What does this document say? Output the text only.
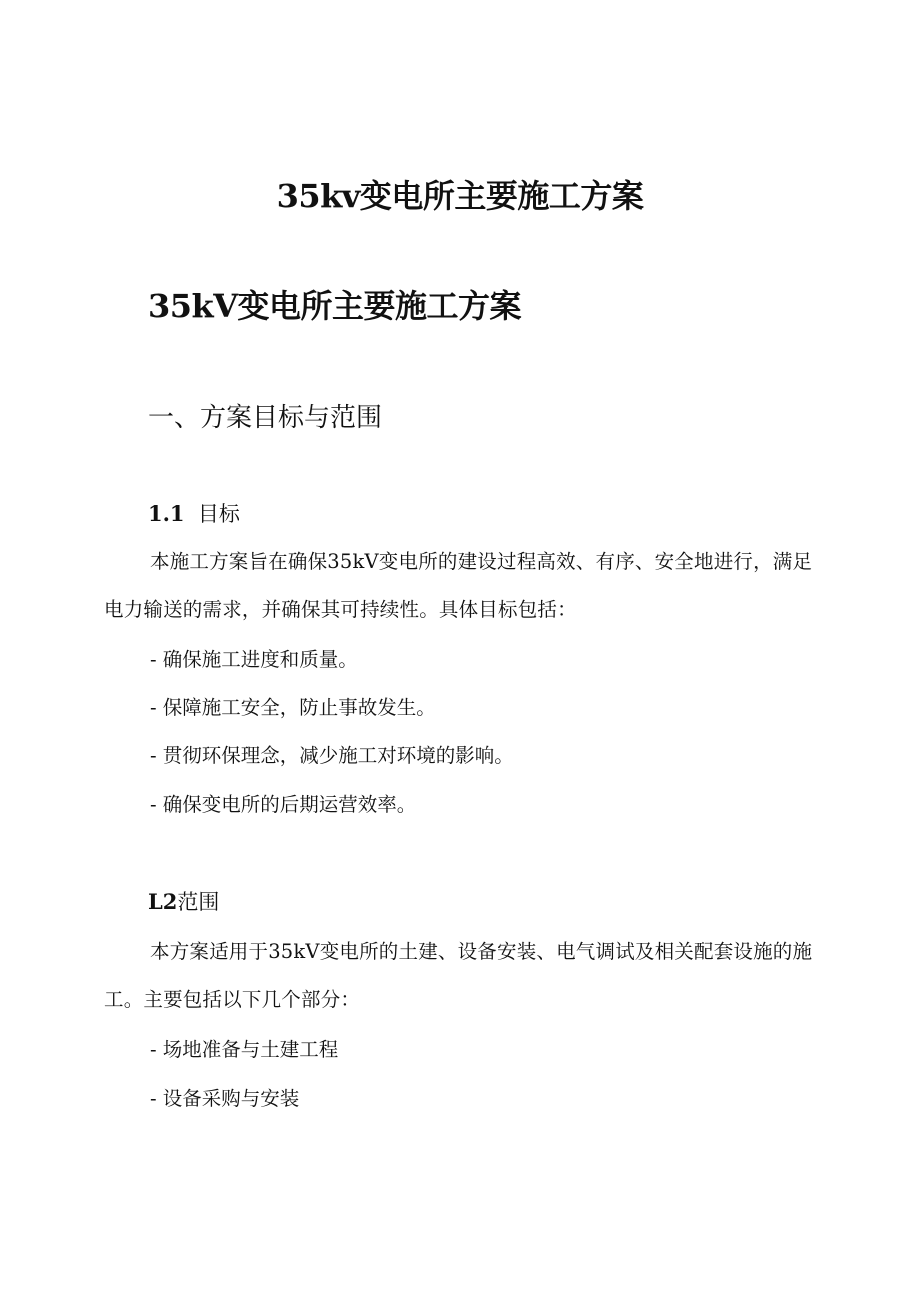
35kv变电所主要施工方案
35kV变电所主要施工方案
一、方案目标与范围
1.1 目标
本施工方案旨在确保35kV变电所的建设过程高效、有序、安全地进行，满足电力输送的需求，并确保其可持续性。具体目标包括：
- 确保施工进度和质量。
- 保障施工安全，防止事故发生。
- 贯彻环保理念，减少施工对环境的影响。
- 确保变电所的后期运营效率。
L2范围
本方案适用于35kV变电所的土建、设备安装、电气调试及相关配套设施的施工。主要包括以下几个部分：
- 场地准备与土建工程
- 设备采购与安装
